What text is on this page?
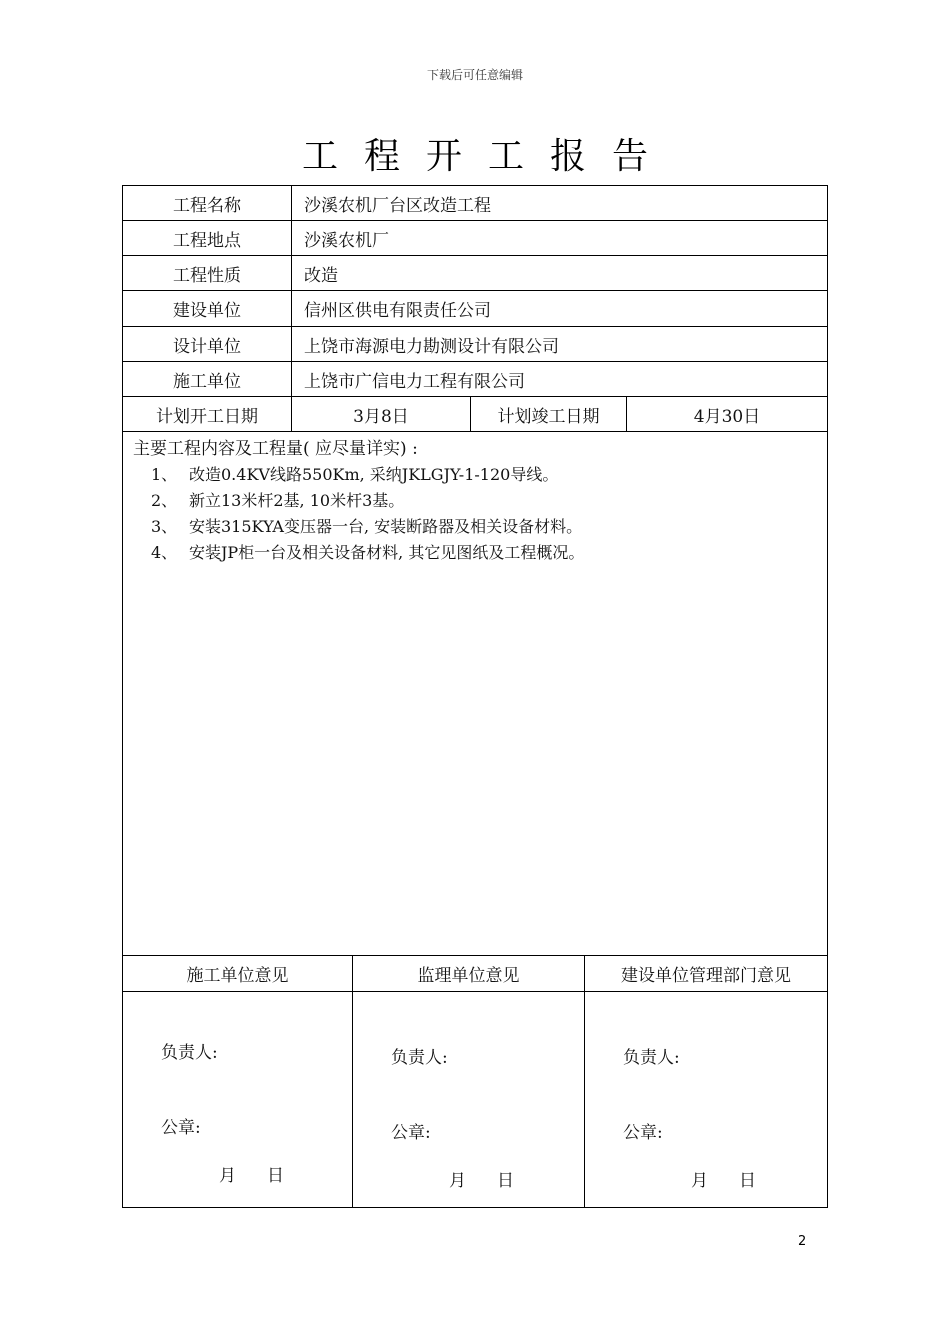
下载后可任意编辑
工程开工报告
工程名称	沙溪农机厂台区改造工程
工程地点	沙溪农机厂
工程性质	改造
建设单位	信州区供电有限责任公司
设计单位	上饶市海源电力勘测设计有限公司
施工单位	上饶市广信电力工程有限公司
计划开工日期	3月8日	计划竣工日期	4月30日
主要工程内容及工程量( 应尽量详实) :
1、 改造0.4KV线路550Km, 采纳JKLGJY-1-120导线。
2、 新立13米杆2基, 10米杆3基。
3、 安装315KYA变压器一台, 安装断路器及相关设备材料。
4、 安装JP柜一台及相关设备材料, 其它见图纸及工程概况。
施工单位意见	监理单位意见	建设单位管理部门意见
负责人:
公章:
月 日
负责人:
公章:
月 日
负责人:
公章:
月 日
2
